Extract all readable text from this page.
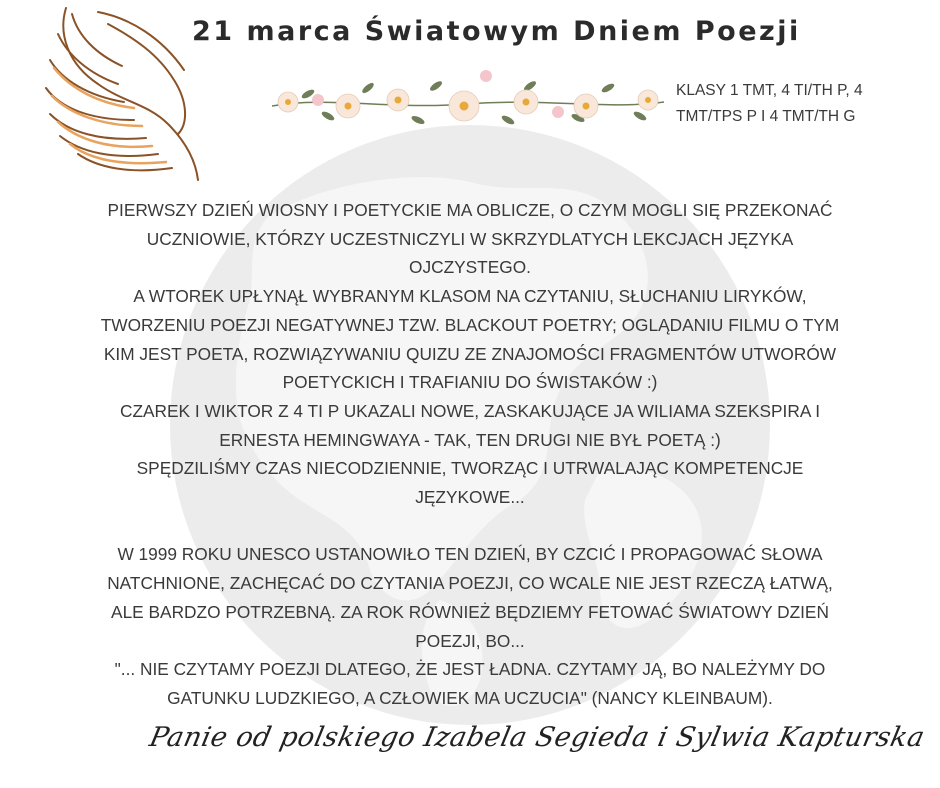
21 marca Światowym Dniem Poezji
KLASY 1 TMT, 4 TI/TH P, 4
TMT/TPS P I 4 TMT/TH G
PIERWSZY DZIEŃ WIOSNY I POETYCKIE MA OBLICZE, O CZYM MOGLI SIĘ PRZEKONAĆ
UCZNIOWIE, KTÓRZY UCZESTNICZYLI W SKRZYDLATYCH LEKCJACH JĘZYKA
OJCZYSTEGO.
A WTOREK UPŁYNĄŁ WYBRANYM KLASOM NA CZYTANIU, SŁUCHANIU LIRYKÓW,
TWORZENIU POEZJI NEGATYWNEJ TZW. BLACKOUT POETRY; OGLĄDANIU FILMU O TYM
KIM JEST POETA, ROZWIĄZYWANIU QUIZU ZE ZNAJOMOŚCI FRAGMENTÓW UTWORÓW
POETYCKICH I TRAFIANIU DO ŚWISTAKÓW :)
CZAREK I WIKTOR Z 4 TI P UKAZALI NOWE, ZASKAKUJĄCE JA WILIAMA SZEKSPIRA I
ERNESTA HEMINGWAYA - TAK, TEN DRUGI NIE BYŁ POETĄ :)
SPĘDZILIŚMY CZAS NIECODZIENNIE, TWORZĄC I UTRWALAJĄC KOMPETENCJE
JĘZYKOWE...
W 1999 ROKU UNESCO USTANOWIŁO TEN DZIEŃ, BY CZCIĆ I PROPAGOWAĆ SŁOWA
NATCHNIONE, ZACHĘCAĆ DO CZYTANIA POEZJI, CO WCALE NIE JEST RZECZĄ ŁATWĄ,
ALE BARDZO POTRZEBNĄ. ZA ROK RÓWNIEŻ BĘDZIEMY FETOWAĆ ŚWIATOWY DZIEŃ
POEZJI, BO...
"... NIE CZYTAMY POEZJI DLATEGO, ŻE JEST ŁADNA. CZYTAMY JĄ, BO NALEŻYMY DO
GATUNKU LUDZKIEGO, A CZŁOWIEK MA UCZUCIA" (NANCY KLEINBAUM).
Panie od polskiego Izabela Segieda i Sylwia Kapturska
